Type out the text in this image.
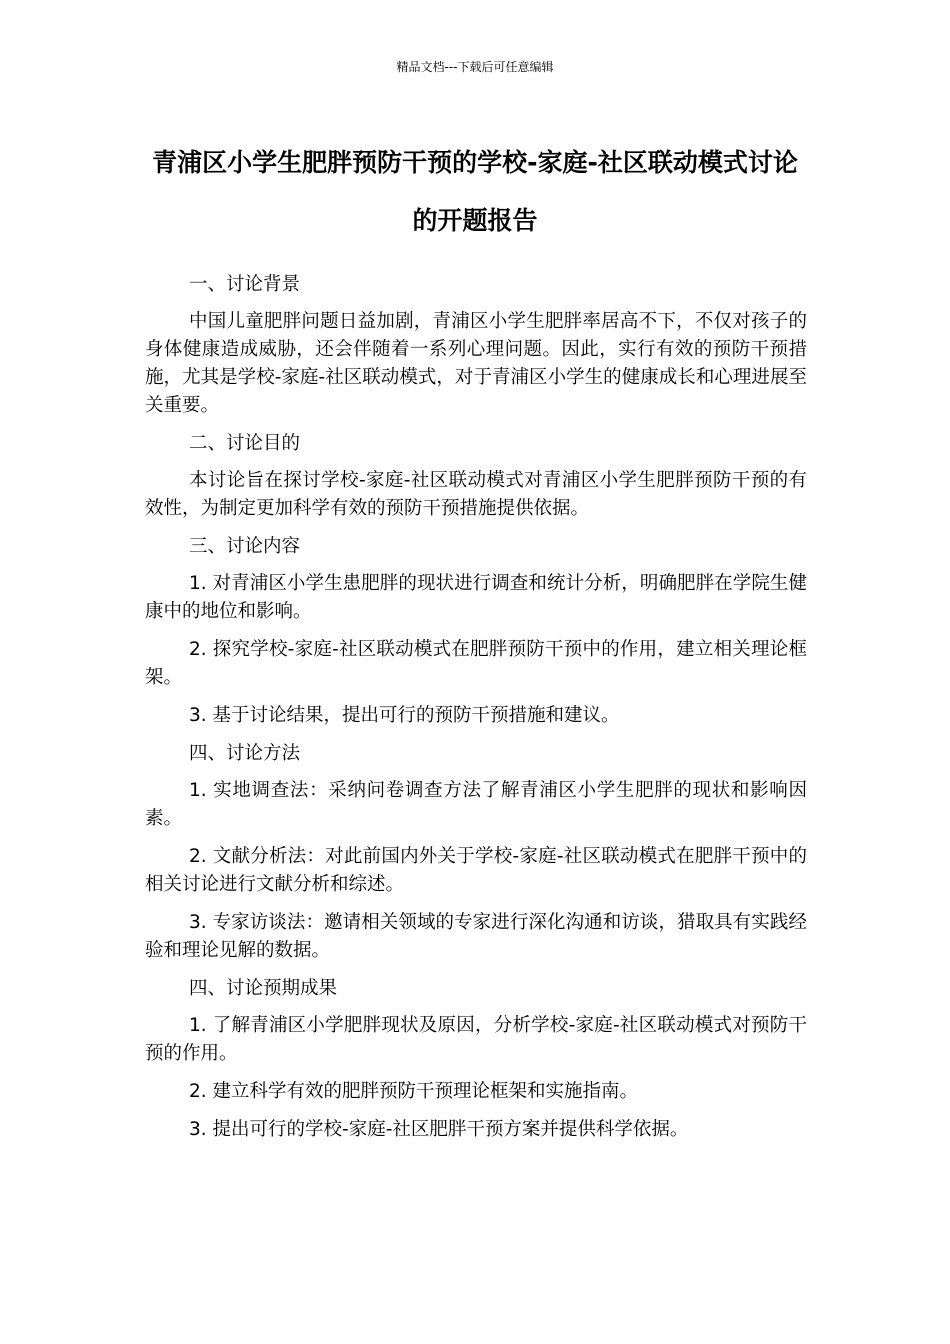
精品文档---下载后可任意编辑
青浦区小学生肥胖预防干预的学校-家庭-社区联动模式讨论的开题报告

一、讨论背景

中国儿童肥胖问题日益加剧，青浦区小学生肥胖率居高不下，不仅对孩子的身体健康造成威胁，还会伴随着一系列心理问题。因此，实行有效的预防干预措施，尤其是学校-家庭-社区联动模式，对于青浦区小学生的健康成长和心理进展至关重要。

二、讨论目的

本讨论旨在探讨学校-家庭-社区联动模式对青浦区小学生肥胖预防干预的有效性，为制定更加科学有效的预防干预措施提供依据。

三、讨论内容

1. 对青浦区小学生患肥胖的现状进行调查和统计分析，明确肥胖在学院生健康中的地位和影响。

2. 探究学校-家庭-社区联动模式在肥胖预防干预中的作用，建立相关理论框架。

3. 基于讨论结果，提出可行的预防干预措施和建议。

四、讨论方法

1. 实地调查法：采纳问卷调查方法了解青浦区小学生肥胖的现状和影响因素。

2. 文献分析法：对此前国内外关于学校-家庭-社区联动模式在肥胖干预中的相关讨论进行文献分析和综述。

3. 专家访谈法：邀请相关领域的专家进行深化沟通和访谈，猎取具有实践经验和理论见解的数据。

四、讨论预期成果

1. 了解青浦区小学肥胖现状及原因，分析学校-家庭-社区联动模式对预防干预的作用。

2. 建立科学有效的肥胖预防干预理论框架和实施指南。

3. 提出可行的学校-家庭-社区肥胖干预方案并提供科学依据。
